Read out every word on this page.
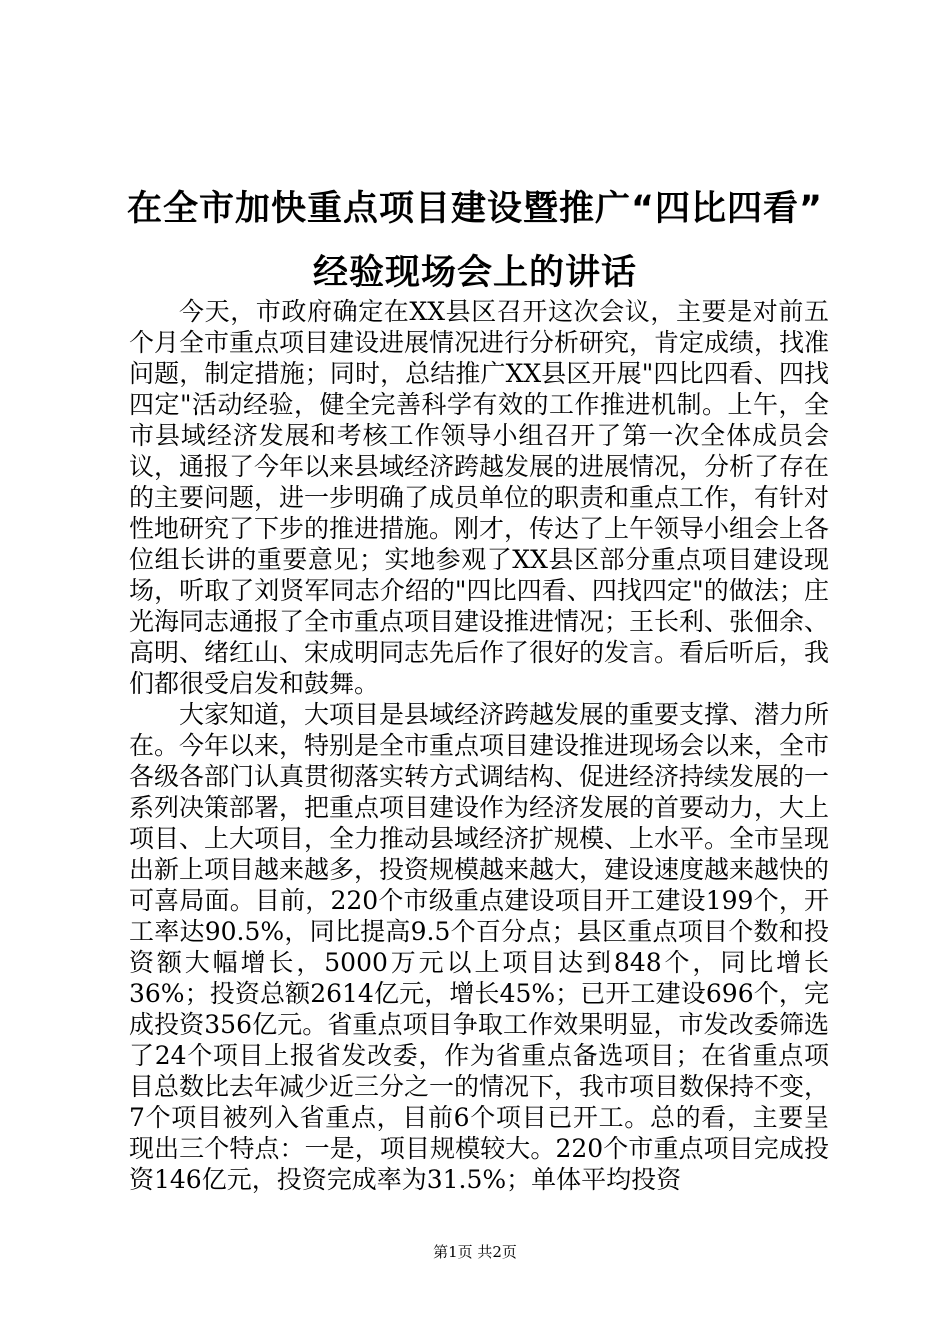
在全市加快重点项目建设暨推广“四比四看”
经验现场会上的讲话

今天，市政府确定在XX县区召开这次会议，主要是对前五个月全市重点项目建设进展情况进行分析研究，肯定成绩，找准问题，制定措施；同时，总结推广XX县区开展"四比四看、四找四定"活动经验，健全完善科学有效的工作推进机制。上午，全市县域经济发展和考核工作领导小组召开了第一次全体成员会议，通报了今年以来县域经济跨越发展的进展情况，分析了存在的主要问题，进一步明确了成员单位的职责和重点工作，有针对性地研究了下步的推进措施。刚才，传达了上午领导小组会上各位组长讲的重要意见；实地参观了XX县区部分重点项目建设现场，听取了刘贤军同志介绍的"四比四看、四找四定"的做法；庄光海同志通报了全市重点项目建设推进情况；王长利、张佃余、高明、绪红山、宋成明同志先后作了很好的发言。看后听后，我们都很受启发和鼓舞。

大家知道，大项目是县域经济跨越发展的重要支撑、潜力所在。今年以来，特别是全市重点项目建设推进现场会以来，全市各级各部门认真贯彻落实转方式调结构、促进经济持续发展的一系列决策部署，把重点项目建设作为经济发展的首要动力，大上项目、上大项目，全力推动县域经济扩规模、上水平。全市呈现出新上项目越来越多，投资规模越来越大，建设速度越来越快的可喜局面。目前，220个市级重点建设项目开工建设199个，开工率达90.5%，同比提高9.5个百分点；县区重点项目个数和投资额大幅增长，5000万元以上项目达到848个，同比增长36%；投资总额2614亿元，增长45%；已开工建设696个，完成投资356亿元。省重点项目争取工作效果明显，市发改委筛选了24个项目上报省发改委，作为省重点备选项目；在省重点项目总数比去年减少近三分之一的情况下，我市项目数保持不变，7个项目被列入省重点，目前6个项目已开工。总的看，主要呈现出三个特点：一是，项目规模较大。220个市重点项目完成投资146亿元，投资完成率为31.5%；单体平均投资

第1页 共2页
